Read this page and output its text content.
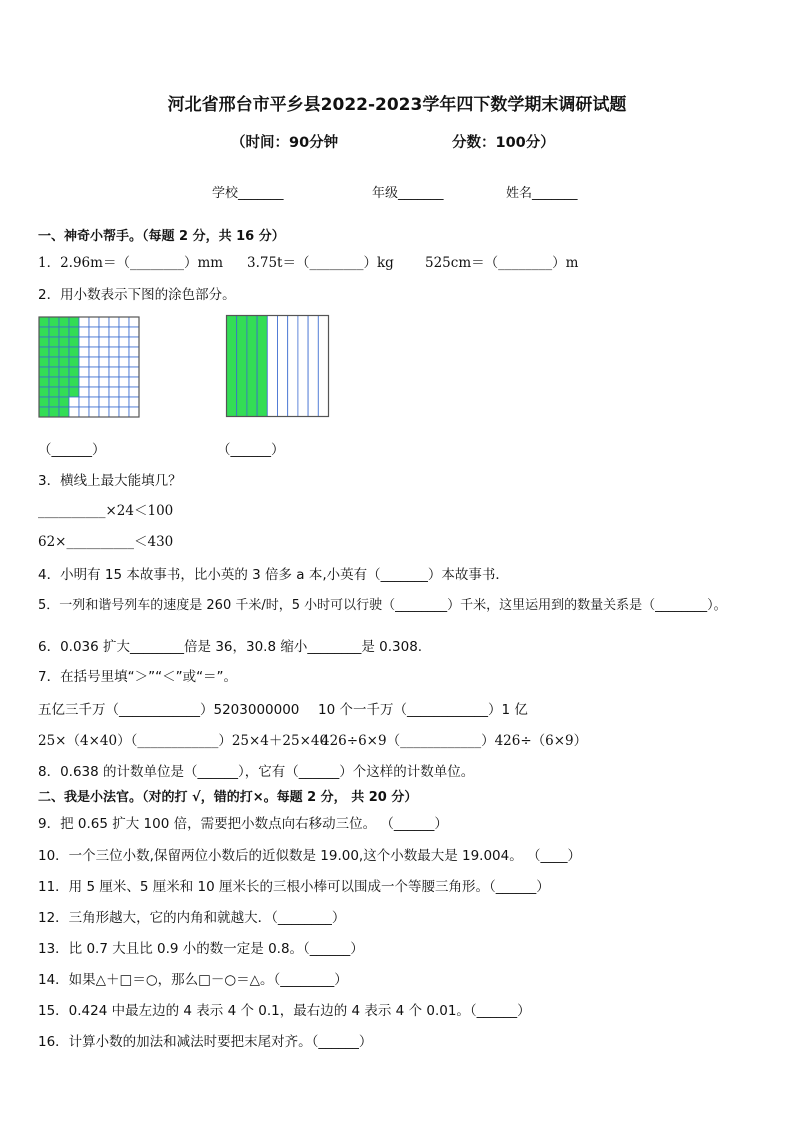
河北省邢台市平乡县2022-2023学年四下数学期末调研试题
（时间：90分钟	分数：100分）
学校_______	年级_______	姓名_______
一、神奇小帮手。（每题 2 分，共 16 分）
1．2.96m＝（________）mm 3.75t＝（________）kg 525cm＝（________）m
2．用小数表示下图的涂色部分。
（______）	（______）
3．横线上最大能填几？
__________×24＜100
62×__________＜430
4．小明有 15 本故事书，比小英的 3 倍多 a 本,小英有（_______）本故事书．
5．一列和谐号列车的速度是 260 千米/时，5 小时可以行驶（________）千米，这里运用到的数量关系是（________）。
6．0.036 扩大________倍是 36，30.8 缩小________是 0.308.
7．在括号里填“＞”“＜”或“＝”。
五亿三千万（____________）5203000000 10 个一千万（____________）1 亿
25×（4×40）（____________）25×4＋25×40
426÷6×9（____________）426÷（6×9）
8．0.638 的计数单位是（______），它有（______）个这样的计数单位。
二、我是小法官。（对的打 √，错的打×。每题 2 分， 共 20 分）
9．把 0.65 扩大 100 倍，需要把小数点向右移动三位。 （______）
10．一个三位小数,保留两位小数后的近似数是 19.00,这个小数最大是 19.004。 （____）
11．用 5 厘米、5 厘米和 10 厘米长的三根小棒可以围成一个等腰三角形。（______）
12．三角形越大，它的内角和就越大．（________）
13．比 0.7 大且比 0.9 小的数一定是 0.8。（______）
14．如果△＋□＝○，那么□－○＝△。（________）
15．0.424 中最左边的 4 表示 4 个 0.1，最右边的 4 表示 4 个 0.01。（______）
16．计算小数的加法和减法时要把末尾对齐。（______）
